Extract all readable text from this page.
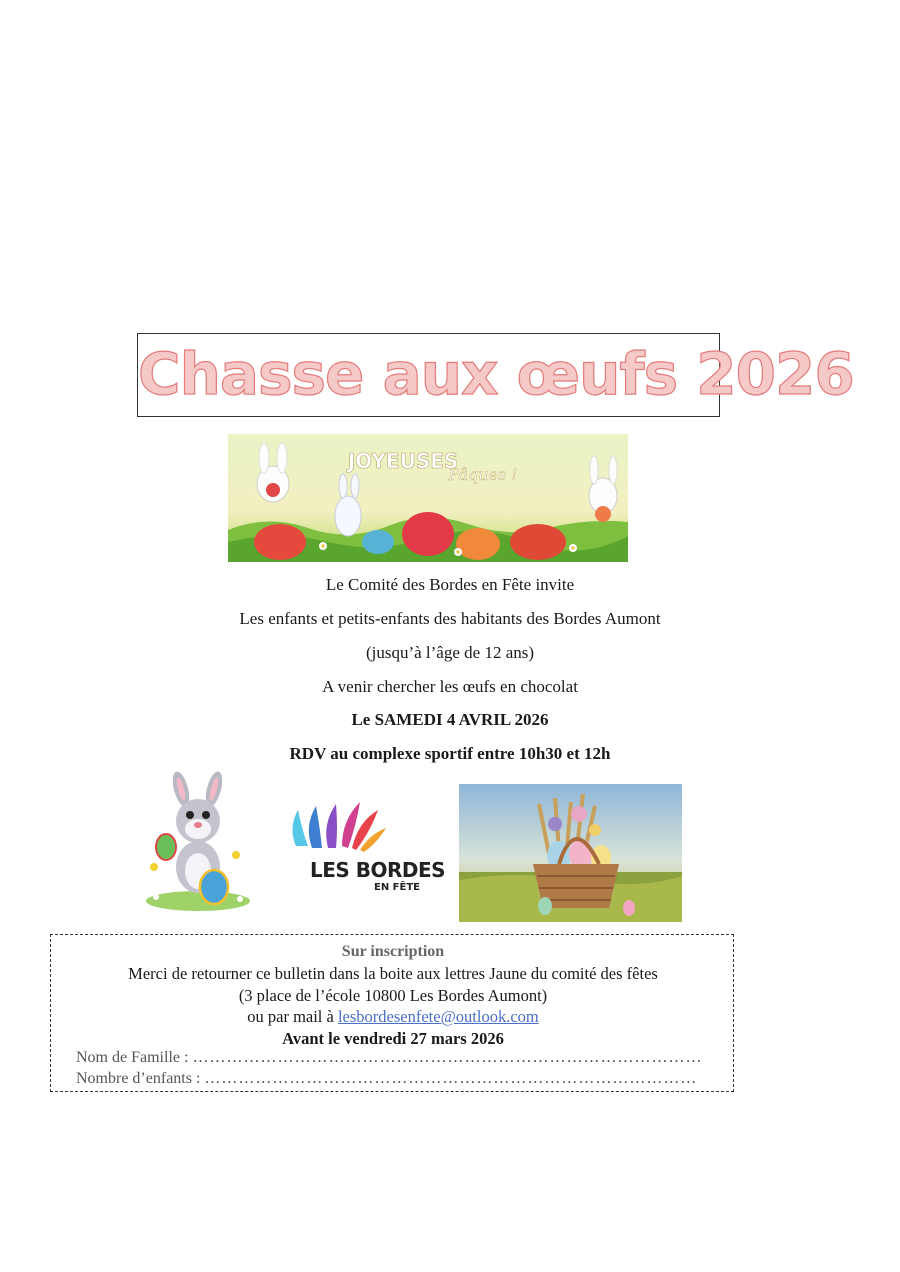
Chasse aux œufs 2026
JOYEUSES
Pâques !
Le Comité des Bordes en Fête invite
Les enfants et petits-enfants des habitants des Bordes Aumont
(jusqu’à l’âge de 12 ans)
A venir chercher les œufs en chocolat
Le SAMEDI 4 AVRIL 2026
RDV au complexe sportif entre 10h30 et 12h
LES BORDES
EN FÊTE
Sur inscription
Merci de retourner ce bulletin dans la boite aux lettres Jaune du comité des fêtes
(3 place de l’école 10800 Les Bordes Aumont)
ou par mail à lesbordesenfete@outlook.com
Avant le vendredi 27 mars 2026
Nom de Famille : ………………………………………………………………………………
Nombre d’enfants : ……………………………………………………………………………
